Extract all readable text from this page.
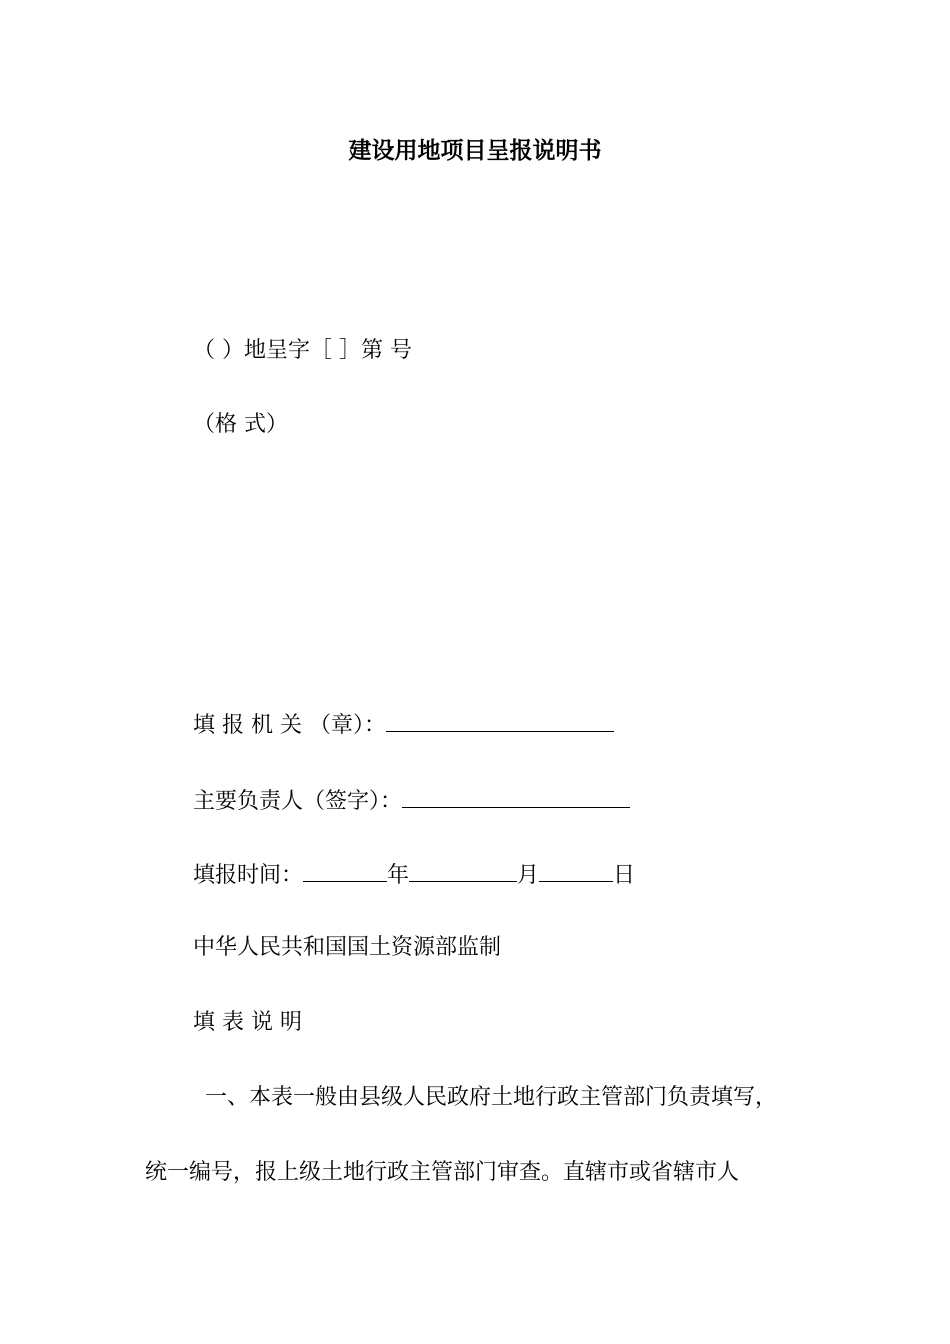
建设用地项目呈报说明书
（ ）地呈字［ ］第 号
（格 式）
填 报 机 关 （章）：
主要负责人（签字）：
填报时间：	年	月	日
中华人民共和国国土资源部监制
填 表 说 明
一、本表一般由县级人民政府土地行政主管部门负责填写，
统一编号，报上级土地行政主管部门审查。直辖市或省辖市人
